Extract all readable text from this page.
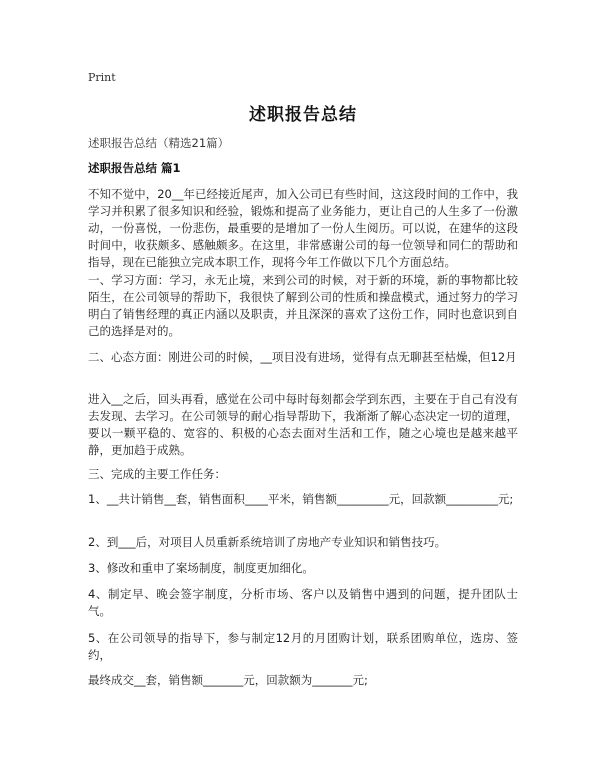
Print
述职报告总结
述职报告总结（精选21篇）
述职报告总结 篇1
不知不觉中，20__年已经接近尾声，加入公司已有些时间，这这段时间的工作中，我学习并积累了很多知识和经验，锻炼和提高了业务能力，更让自己的人生多了一份激动，一份喜悦，一份悲伤，最重要的是增加了一份人生阅历。可以说，在建华的这段时间中，收获颇多、感触颇多。在这里，非常感谢公司的每一位领导和同仁的帮助和指导，现在已能独立完成本职工作，现将今年工作做以下几个方面总结。
一、学习方面：学习，永无止境，来到公司的时候，对于新的环境，新的事物都比较陌生，在公司领导的帮助下，我很快了解到公司的性质和操盘模式，通过努力的学习明白了销售经理的真正内涵以及职责，并且深深的喜欢了这份工作，同时也意识到自己的选择是对的。
二、心态方面：刚进公司的时候，__项目没有进场，觉得有点无聊甚至枯燥，但12月
进入__之后，回头再看，感觉在公司中每时每刻都会学到东西，主要在于自己有没有去发现、去学习。在公司领导的耐心指导帮助下，我渐渐了解心态决定一切的道理，要以一颗平稳的、宽容的、积极的心态去面对生活和工作，随之心境也是越来越平静，更加趋于成熟。
三、完成的主要工作任务：
1、__共计销售__套，销售面积____平米，销售额_________元，回款额_________元;
2、到___后，对项目人员重新系统培训了房地产专业知识和销售技巧。
3、修改和重申了案场制度，制度更加细化。
4、制定早、晚会签字制度，分析市场、客户以及销售中遇到的问题，提升团队士气。
5、在公司领导的指导下，参与制定12月的月团购计划，联系团购单位，选房、签约，
最终成交__套，销售额_______元，回款额为_______元;
